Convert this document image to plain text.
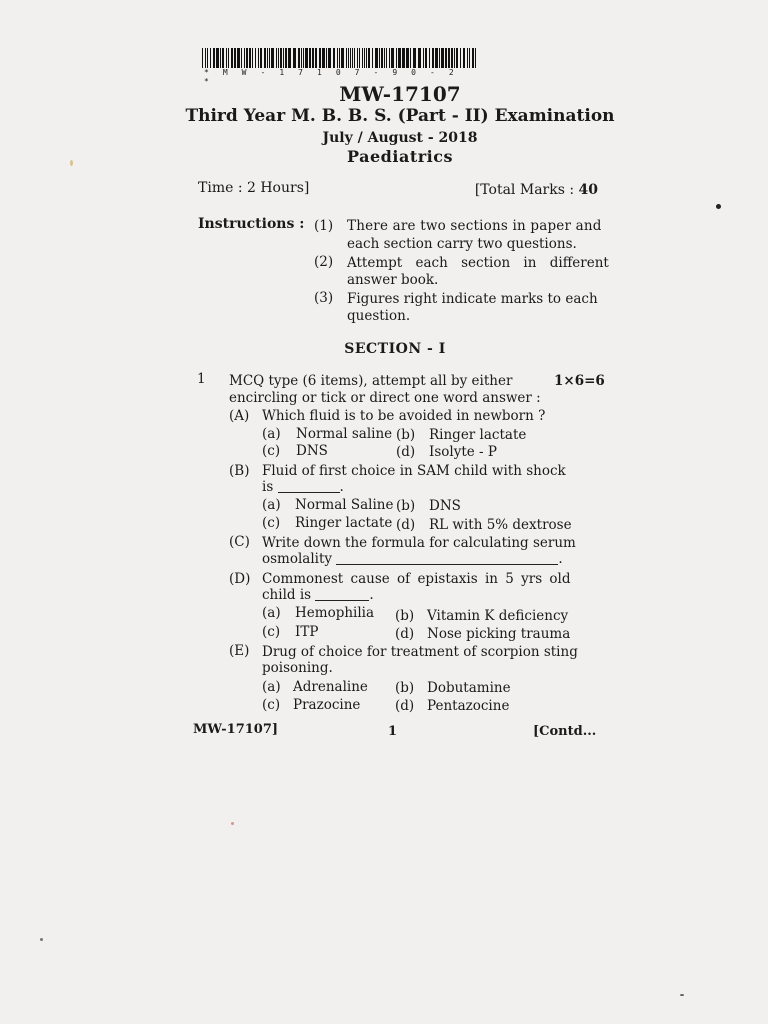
* M W - 1 7 1 0 7 - 9 0 - 2 *
MW-17107
Third Year M. B. B. S. (Part - II) Examination
July / August - 2018
Paediatrics
Time : 2 Hours]	[Total Marks : 40
Instructions : (1) There are two sections in paper and
each section carry two questions.
(2) Attempt each section in different
answer book.
(3) Figures right indicate marks to each
question.
SECTION - I
1 MCQ type (6 items), attempt all by either	1×6=6
encircling or tick or direct one word answer :
(A) Which fluid is to be avoided in newborn ?
(a) Normal saline (b) Ringer lactate
(c) DNS	(d) Isolyte - P
(B) Fluid of first choice in SAM child with shock
is	.
(a) Normal Saline (b) DNS
(c) Ringer lactate (d) RL with 5% dextrose
(C) Write down the formula for calculating serum
osmolality	.
(D) Commonest cause of epistaxis in 5 yrs old
child is	.
(a) Hemophilia (b) Vitamin K deficiency
(c) ITP	(d) Nose picking trauma
(E) Drug of choice for treatment of scorpion sting
poisoning.
(a) Adrenaline (b) Dobutamine
(c) Prazocine	(d) Pentazocine
MW-17107]	1	[Contd...
